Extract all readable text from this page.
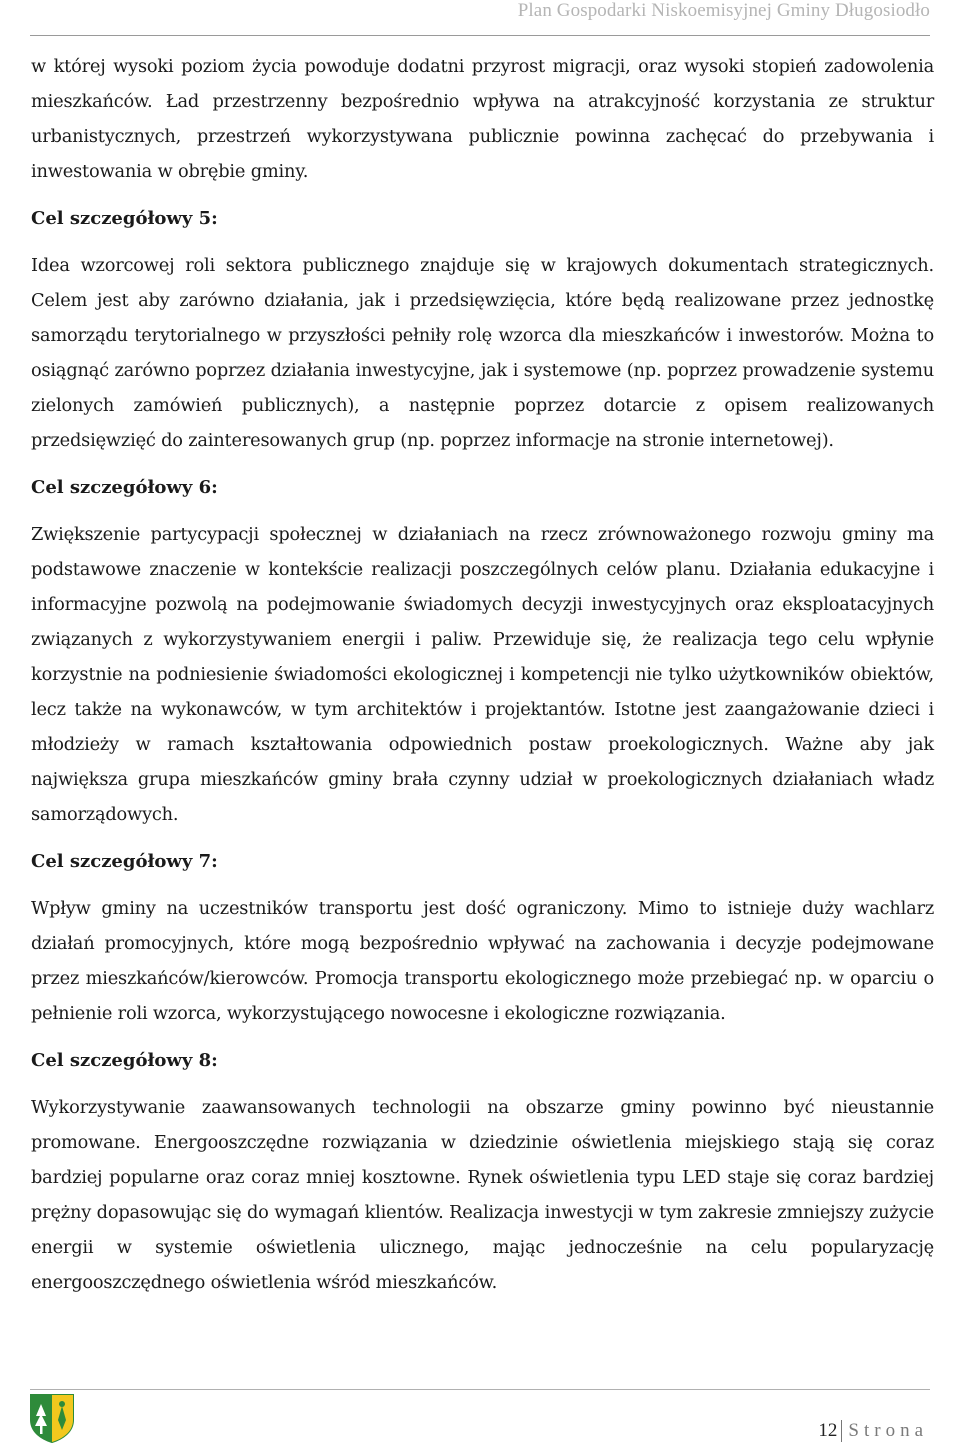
Plan Gospodarki Niskoemisyjnej Gminy Długosiodło

w której wysoki poziom życia powoduje dodatni przyrost migracji, oraz wysoki stopień zadowolenia mieszkańców. Ład przestrzenny bezpośrednio wpływa na atrakcyjność korzystania ze struktur urbanistycznych, przestrzeń wykorzystywana publicznie powinna zachęcać do przebywania i inwestowania w obrębie gminy.

Cel szczegółowy 5:

Idea wzorcowej roli sektora publicznego znajduje się w krajowych dokumentach strategicznych. Celem jest aby zarówno działania, jak i przedsięwzięcia, które będą realizowane przez jednostkę samorządu terytorialnego w przyszłości pełniły rolę wzorca dla mieszkańców i inwestorów. Można to osiągnąć zarówno poprzez działania inwestycyjne, jak i systemowe (np. poprzez prowadzenie systemu zielonych zamówień publicznych), a następnie poprzez dotarcie z opisem realizowanych przedsięwzięć do zainteresowanych grup (np. poprzez informacje na stronie internetowej).

Cel szczegółowy 6:

Zwiększenie partycypacji społecznej w działaniach na rzecz zrównoważonego rozwoju gminy ma podstawowe znaczenie w kontekście realizacji poszczególnych celów planu. Działania edukacyjne i informacyjne pozwolą na podejmowanie świadomych decyzji inwestycyjnych oraz eksploatacyjnych związanych z wykorzystywaniem energii i paliw. Przewiduje się, że realizacja tego celu wpłynie korzystnie na podniesienie świadomości ekologicznej i kompetencji nie tylko użytkowników obiektów, lecz także na wykonawców, w tym architektów i projektantów. Istotne jest zaangażowanie dzieci i młodzieży w ramach kształtowania odpowiednich postaw proekologicznych. Ważne aby jak największa grupa mieszkańców gminy brała czynny udział w proekologicznych działaniach władz samorządowych.

Cel szczegółowy 7:

Wpływ gminy na uczestników transportu jest dość ograniczony. Mimo to istnieje duży wachlarz działań promocyjnych, które mogą bezpośrednio wpływać na zachowania i decyzje podejmowane przez mieszkańców/kierowców. Promocja transportu ekologicznego może przebiegać np. w oparciu o pełnienie roli wzorca, wykorzystującego nowocesne i ekologiczne rozwiązania.

Cel szczegółowy 8:

Wykorzystywanie zaawansowanych technologii na obszarze gminy powinno być nieustannie promowane. Energooszczędne rozwiązania w dziedzinie oświetlenia miejskiego stają się coraz bardziej popularne oraz coraz mniej kosztowne. Rynek oświetlenia typu LED staje się coraz bardziej prężny dopasowując się do wymagań klientów. Realizacja inwestycji w tym zakresie zmniejszy zużycie energii w systemie oświetlenia ulicznego, mając jednocześnie na celu popularyzację energooszczędnego oświetlenia wśród mieszkańców.

12 Strona
